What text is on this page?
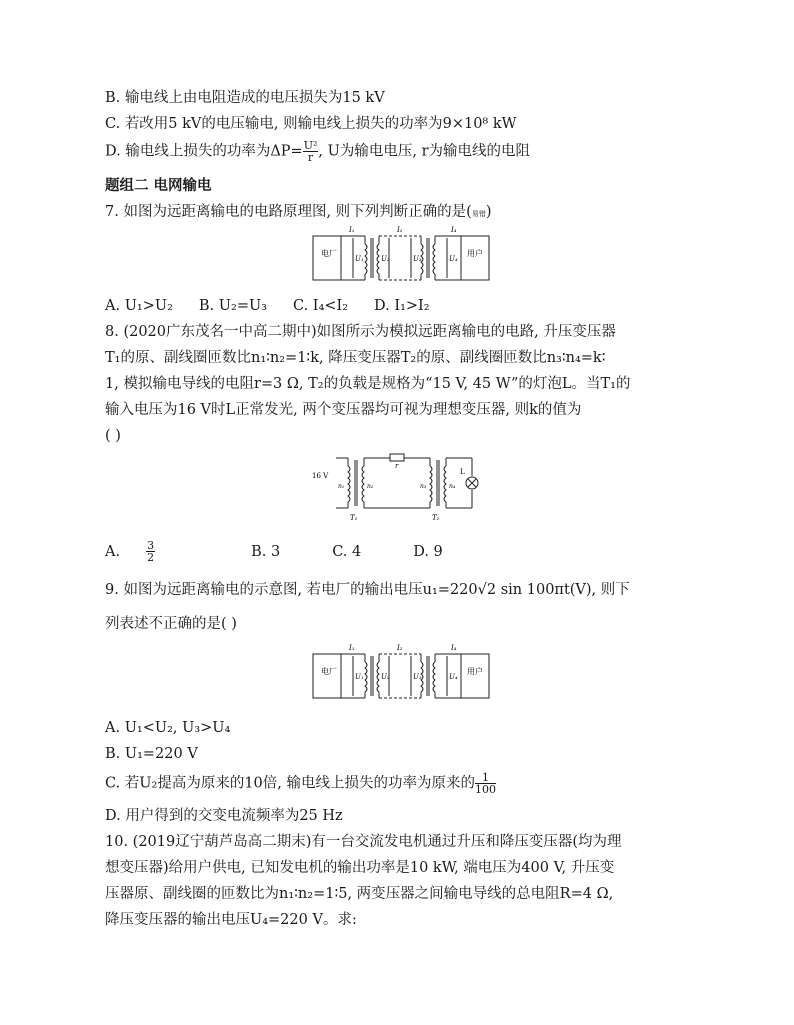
B. 输电线上由电阻造成的电压损失为15 kV
C. 若改用5 kV的电压输电, 则输电线上损失的功率为9×10⁸ kW
D. 输电线上损失的功率为$\Delta P= \frac{\text{U²}}{r}$ , U为输电电压, r为输电线的电阻
题组二 电网输电
7. 如图为远距离输电的电路原理图, 则下列判断正确的是(易错)
电厂	用户
I₁	I₂	I₄
U₁ U₂	U₃	U₄
A. U₁>U₂ B. U₂=U₃ C. I₄<I₂ D. I₁>I₂
8. (2020广东茂名一中高二期中)如图所示为模拟远距离输电的电路, 升压变压器
T₁的原、副线圈匝数比n₁∶n₂=1∶k, 降压变压器T₂的原、副线圈匝数比n₃∶n₄=k∶
1, 模拟输电导线的电阻r=3 Ω, T₂的负载是规格为“15 V, 45 W”的灯泡L。当T₁的
输入电压为16 V时L正常发光, 两个变压器均可视为理想变压器, 则k的值为
( )
16 V
r
L
n₁	n₂	n₃	n₄
T₁	T₂
A. $\frac{3}{2}$	B. 3	C. 4	D. 9
9. 如图为远距离输电的示意图, 若电厂的输出电压u₁=220√2 sin 100πt(V), 则下
列表述不正确的是( )
电厂	用户
I₁	I₂	I₄
U₁ U₂	U₃	U₄
A. U₁<U₂, U₃>U₄
B. U₁=220 V
C. 若U₂提高为原来的10倍, 输电线上损失的功率为原来的 $\frac{1}{100}$
D. 用户得到的交变电流频率为25 Hz
10. (2019辽宁葫芦岛高二期末)有一台交流发电机通过升压和降压变压器(均为理
想变压器)给用户供电, 已知发电机的输出功率是10 kW, 端电压为400 V, 升压变
压器原、副线圈的匝数比为n₁∶n₂=1∶5, 两变压器之间输电导线的总电阻R=4 Ω,
降压变压器的输出电压U₄=220 V。求:
